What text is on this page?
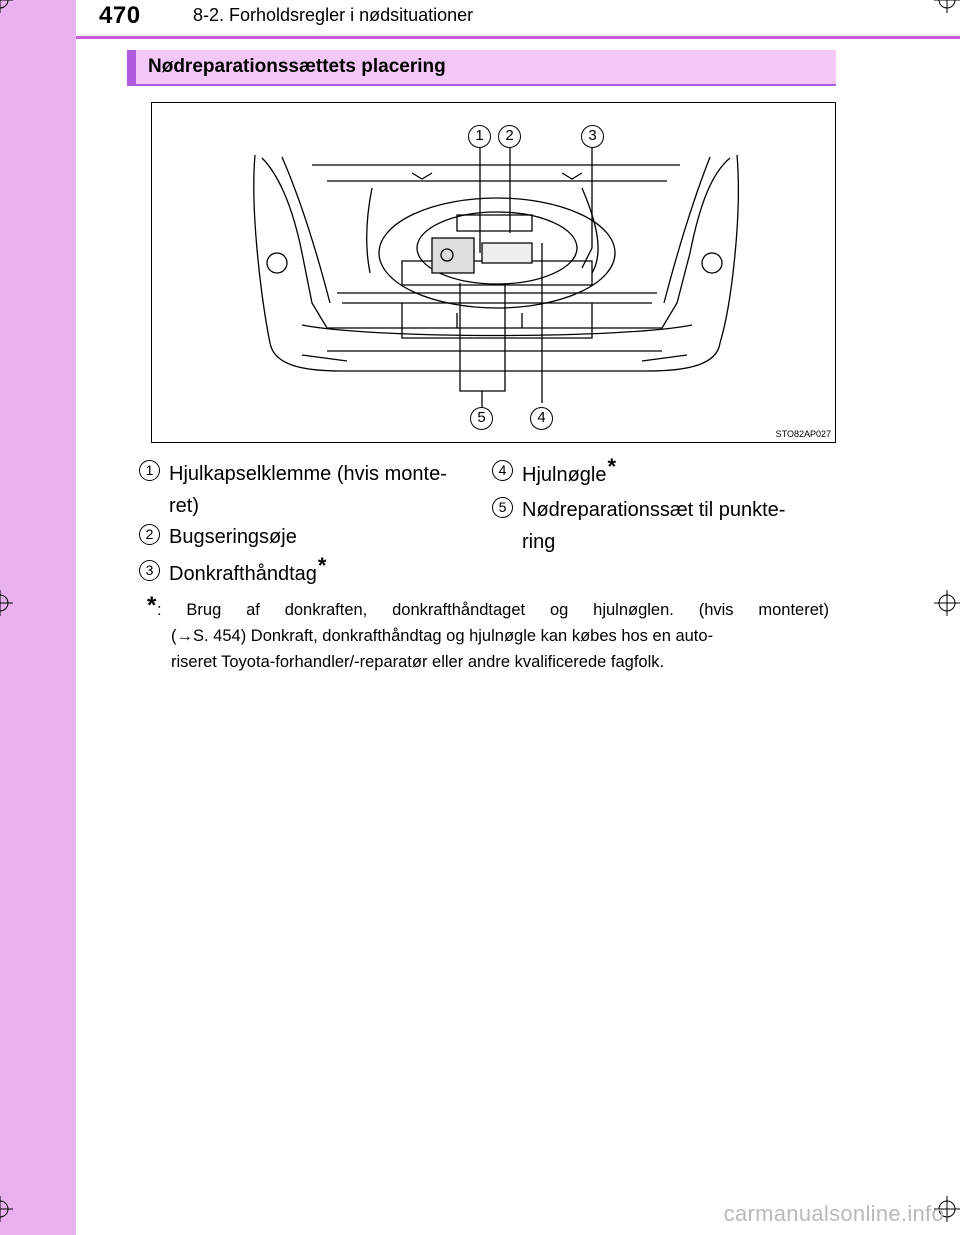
470	8-2. Forholdsregler i nødsituationer
Nødreparationssættets placering
1	2	3
4
5
STO82AP027
1 Hjulkapselklemme (hvis monte-
ret)
2 Bugseringsøje
3 Donkrafthåndtag*
4 Hjulnøgle*
5 Nødreparationssæt til punkte-
ring
* : Brug af donkraften, donkrafthåndtaget og hjulnøglen. (hvis monteret)
(→S. 454) Donkraft, donkrafthåndtag og hjulnøgle kan købes hos en auto-
riseret Toyota-forhandler/-reparatør eller andre kvalificerede fagfolk.
carmanualsonline.info
